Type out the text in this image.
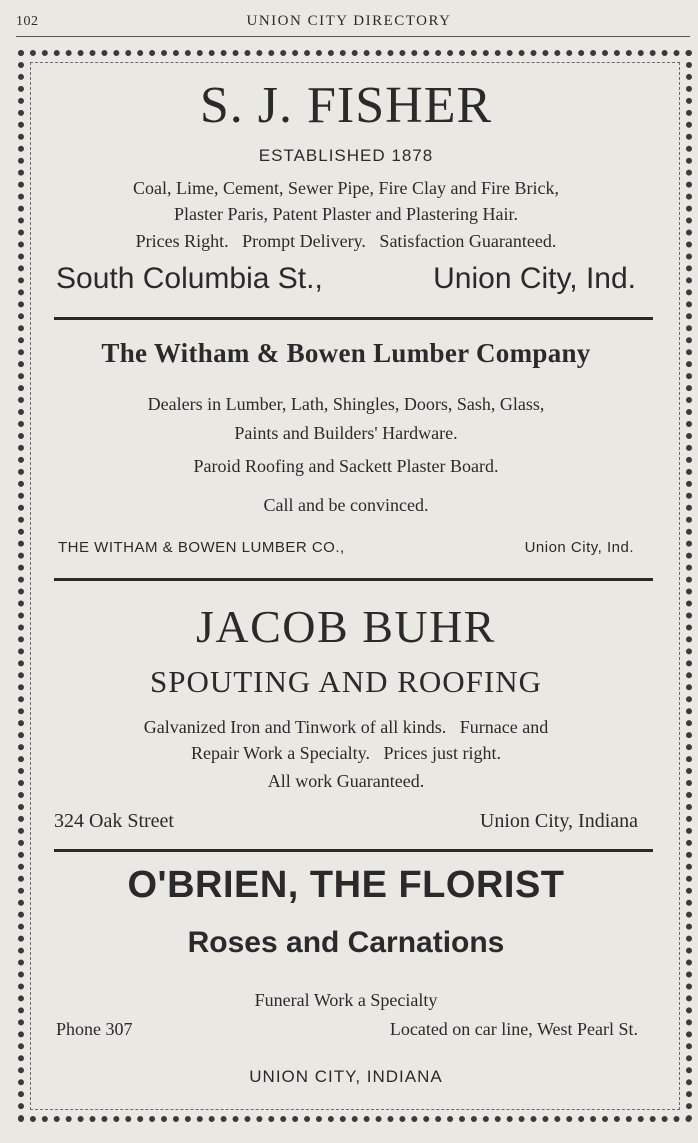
102	UNION CITY DIRECTORY
S. J. FISHER
ESTABLISHED 1878
Coal, Lime, Cement, Sewer Pipe, Fire Clay and Fire Brick,
Plaster Paris, Patent Plaster and Plastering Hair.
Prices Right.   Prompt Delivery.   Satisfaction Guaranteed.
South Columbia St.,	Union City, Ind.
The Witham & Bowen Lumber Company
Dealers in Lumber, Lath, Shingles, Doors, Sash, Glass,
Paints and Builders' Hardware.
Paroid Roofing and Sackett Plaster Board.
Call and be convinced.
THE WITHAM & BOWEN LUMBER CO.,	Union City, Ind.
JACOB BUHR
SPOUTING AND ROOFING
Galvanized Iron and Tinwork of all kinds.   Furnace and
Repair Work a Specialty.   Prices just right.
All work Guaranteed.
324 Oak Street	Union City, Indiana
O'BRIEN, THE FLORIST
Roses and Carnations
Funeral Work a Specialty
Phone 307	Located on car line, West Pearl St.
UNION CITY, INDIANA
